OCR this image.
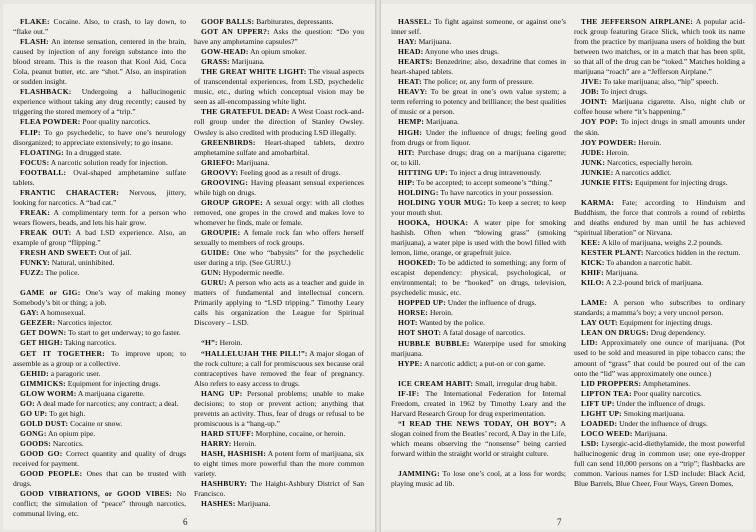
FLAKE: Cocaine. Also, to crash, to lay down, to “flake out.”

FLASH: An intense sensation, centered in the brain, caused by injection of any foreign substance into the blood stream. This is the reason that Kool Aid, Coca Cola, peanut butter, etc. are “shot.” Also, an inspiration or sudden insight.

FLASHBACK: Undergoing a hallucinogenic experience without taking any drug recently; caused by triggering the stored memory of a “trip.”

FLEA POWDER: Poor quality narcotics.

FLIP: To go psychedelic, to have one’s neurology disorganized; to appreciate extensively; to go insane.

FLOATING: In a drugged state.

FOCUS: A narcotic solution ready for injection.

FOOTBALL: Oval-shaped amphetamine sulfate tablets.

FRANTIC CHARACTER: Nervous, jittery, looking for narcotics. A “bad cat.”

FREAK: A complimentary term for a person who wears flowers, beads, and lets his hair grow.

FREAK OUT: A bad LSD experience. Also, an example of group “flipping.”

FRESH AND SWEET: Out of jail.

FUNKY: Natural, uninhibited.

FUZZ: The police.

GAME or GIG: One’s way of making money Somebody’s bit or thing; a job.

GAY: A homosexual.

GEEZER: Narcotics injector.

GET DOWN: To start to get underway; to go faster.

GET HIGH: Taking narcotics.

GET IT TOGETHER: To improve upon; to assemble as a group or a collective.

GEHID: a paragoric user.

GIMMICKS: Equipment for injecting drugs.

GLOW WORM: A marijuana cigarette.

GO: A deal made for narcotics; any contract; a deal.

GO UP: To get high.

GOLD DUST: Cocaine or snow.

GONG: An opium pipe.

GOODS: Narcotics.

GOOD GO: Correct quantity and quality of drugs received for payment.

GOOD PEOPLE: Ones that can be trusted with drugs.

GOOD VIBRATIONS, or GOOD VIBES: No conflict; the simulation of “peace” through narcotics, communal living, etc.

GOOF BALLS: Barbiturates, depressants.

GOT AN UPPER?: Asks the question: “Do you have any amphetamine capsules?”

GOW-HEAD: An opium smoker.

GRASS: Marijuana.

THE GREAT WHITE LIGHT: The visual aspects of transcendental experiences, from LSD, psychedelic music, etc., during which conceptual vision may be seen as all-encompassing white light.

THE GRATEFUL DEAD: A West Coast rock-and-roll group under the direction of Stanley Owsley. Owsley is also credited with producing LSD illegally.

GREENBIRDS: Heart-shaped tablets, dextro amphetamine sulfate and amobarbital.

GRIEFO: Marijuana.

GROOVY: Feeling good as a result of drugs.

GROOVING: Having pleasant sensual experiences while high on drugs.

GROUP GROPE: A sexual orgy: with all clothes removed, one gropes in the crowd and makes love to whomever he finds, male or female.

GROUPIE: A female rock fan who offers herself sexually to members of rock groups.

GUIDE: One who “babysits” for the psychedelic user during a trip. (See GURU.)

GUN: Hypodermic needle.

GURU: A person who acts as a teacher and guide in matters of fundamental and intellectual concern. Primarily applying to “LSD tripping.” Timothy Leary calls his organization the League for Spiritual Discovery – LSD.

“H”: Heroin.

“HALLELUJAH THE PILL!”: A major slogan of the rock culture; a call for promiscuous sex because oral contraceptives have removed the fear of pregnancy. Also refers to easy access to drugs.

HANG UP: Personal problems; unable to make decisions; to stop or prevent action; anything that prevents an activity. Thus, fear of drugs or refusal to be promiscuous is a “hang-up.”

HARD STUFF: Morphine, cocaine, or heroin.

HARRY: Heroin.

HASH, HASHISH: A potent form of marijuana, six to eight times more powerful than the more common variety.

HASHBURY: The Haight-Ashbury District of San Francisco.

HASHES: Marijuana.

6

HASSEL: To fight against someone, or against one’s inner self.

HAY: Marijuana.

HEAD: Anyone who uses drugs.

HEARTS: Benzedrine; also, dexadrine that comes in heart-shaped tablets.

HEAT: The police; or, any form of pressure.

HEAVY: To be great in one’s own value system; a term referring to potency and brilliance; the best qualities of music or a person.

HEMP: Marijuana.

HIGH: Under the influence of drugs; feeling good from drugs or from liquor.

HIT: Purchase drugs; drag on a marijuana cigarette; or, to kill.

HITTING UP: To inject a drug intravenously.

HIP: To be accepted; to accept someone’s “thing.”

HOLDING: To have narcotics in your possession.

HOLDING YOUR MUG: To keep a secret; to keep your mouth shut.

HOOKA, HOUKA: A water pipe for smoking hashish. Often when “blowing grass” (smoking marijuana), a water pipe is used with the bowl filled with lemon, lime, orange, or grapefruit juice.

HOOKED: To be addicted to something; any form of escapist dependency: physical, psychological, or environmental; to be “hooked” on drugs, television, psychedelic music, etc.

HOPPED UP: Under the influence of drugs.

HORSE: Heroin.

HOT: Wanted by the police.

HOT SHOT: A fatal dosage of narcotics.

HUBBLE BUBBLE: Waterpipe used for smoking marijuana.

HYPE: A narcotic addict; a put-on or con game.

ICE CREAM HABIT: Small, irregular drug habit.

IF-IF: The International Federation for Internal Freedom, created in 1962 by Timothy Leary and the Harvard Research Group for drug experimentation.

“I READ THE NEWS TODAY, OH BOY”: A slogan coined from the Beatles’ record, A Day in the Life, which means observing the “nonsense” being carried forward within the straight world or straight culture.

JAMMING: To lose one’s cool, at a loss for words; playing music ad lib.

THE JEFFERSON AIRPLANE: A popular acid-rock group featuring Grace Slick, which took its name from the practice by marijuana users of holding the butt between two matches, or in a match that has been split, so that all of the drug can be “toked.” Matches holding a marijuana “roach” are a “Jefferson Airplane.”

JIVE: To take marijuana; also, “hip” speech.

JOB: To inject drugs.

JOINT: Marijuana cigarette. Also, night club or coffee house where “it’s happening.”

JOY POP: To inject drugs in small amounts under the skin.

JOY POWDER: Heroin.

JUDE: Heroin.

JUNK: Narcotics, especially heroin.

JUNKIE: A narcotics addict.

JUNKIE FITS: Equipment for injecting drugs.

KARMA: Fate; according to Hinduism and Buddhism, the force that controls a round of rebirths and deaths endured by man until he has achieved “spiritual liberation” or Nirvana.

KEE: A kilo of marijuana, weighs 2.2 pounds.

KESTER PLANT: Narcotics hidden in the rectum.

KICK: To abandon a narcotic habit.

KHIF: Marijuana.

KILO: A 2.2-pound brick of marijuana.

LAME: A person who subscribes to ordinary standards; a mamma’s boy; a very uncool person.

LAY OUT: Equipment for injecting drugs.

LEAN ON DRUGS: Drug dependency.

LID: Approximately one ounce of marijuana. (Pot used to be sold and measured in pipe tobacco cans; the amount of “grass” that could be poured out of the can onto the “lid” was approximately one ounce.)

LID PROPPERS: Amphetamines.

LIPTON TEA: Poor quality narcotics.

LIFT UP: Under the influence of drugs.

LIGHT UP: Smoking marijuana.

LOADED: Under the influence of drugs.

LOCO WEED: Marijuana.

LSD: Lysergic-acid-diethylamide, the most powerful hallucinogenic drug in common use; one eye-dropper full can send 10,000 persons on a “trip”; flashbacks are common. Various names for LSD include: Black Acid, Blue Barrels, Blue Cheer, Four Ways, Green Domes,

7
